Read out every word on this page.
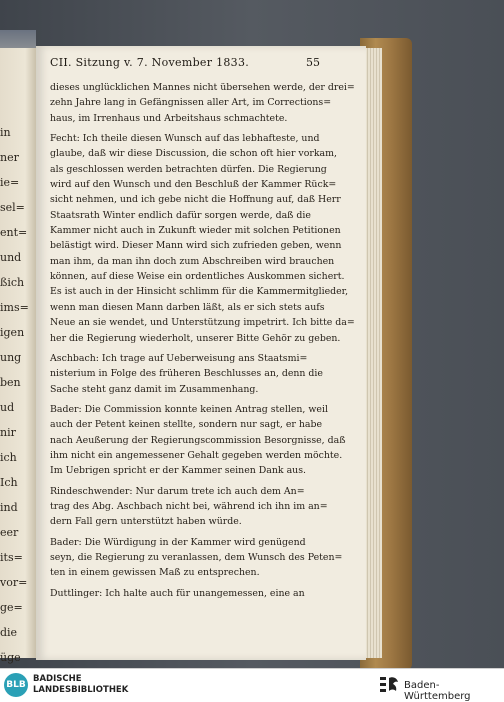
in
ner
ie=
sel=
ent=
und
ßich
ims=
igen
ung
ben
ud
nir
ich
Ich
ind
eer
its=
vor=
ge=
die
üge
CII. Sitzung v. 7. November 1833.	55
dieses unglücklichen Mannes nicht übersehen werde, der drei=
zehn Jahre lang in Gefängnissen aller Art, im Corrections=
haus, im Irrenhaus und Arbeitshaus schmachtete.
Fecht: Ich theile diesen Wunsch auf das lebhafteste, und
glaube, daß wir diese Discussion, die schon oft hier vorkam,
als geschlossen werden betrachten dürfen. Die Regierung
wird auf den Wunsch und den Beschluß der Kammer Rück=
sicht nehmen, und ich gebe nicht die Hoffnung auf, daß Herr
Staatsrath Winter endlich dafür sorgen werde, daß die
Kammer nicht auch in Zukunft wieder mit solchen Petitionen
belästigt wird. Dieser Mann wird sich zufrieden geben, wenn
man ihm, da man ihn doch zum Abschreiben wird brauchen
können, auf diese Weise ein ordentliches Auskommen sichert.
Es ist auch in der Hinsicht schlimm für die Kammermitglieder,
wenn man diesen Mann darben läßt, als er sich stets aufs
Neue an sie wendet, und Unterstützung impetrirt. Ich bitte da=
her die Regierung wiederholt, unserer Bitte Gehör zu geben.
Aschbach: Ich trage auf Ueberweisung ans Staatsmi=
nisterium in Folge des früheren Beschlusses an, denn die
Sache steht ganz damit im Zusammenhang.
Bader: Die Commission konnte keinen Antrag stellen, weil
auch der Petent keinen stellte, sondern nur sagt, er habe
nach Aeußerung der Regierungscommission Besorgnisse, daß
ihm nicht ein angemessener Gehalt gegeben werden möchte.
Im Uebrigen spricht er der Kammer seinen Dank aus.
Rindeschwender: Nur darum trete ich auch dem An=
trag des Abg. Aschbach nicht bei, während ich ihn im an=
dern Fall gern unterstützt haben würde.
Bader: Die Würdigung in der Kammer wird genügend
seyn, die Regierung zu veranlassen, dem Wunsch des Peten=
ten in einem gewissen Maß zu entsprechen.
Duttlinger: Ich halte auch für unangemessen, eine an
BLB
BADISCHE
LANDESBIBLIOTHEK	Baden-Württemberg
